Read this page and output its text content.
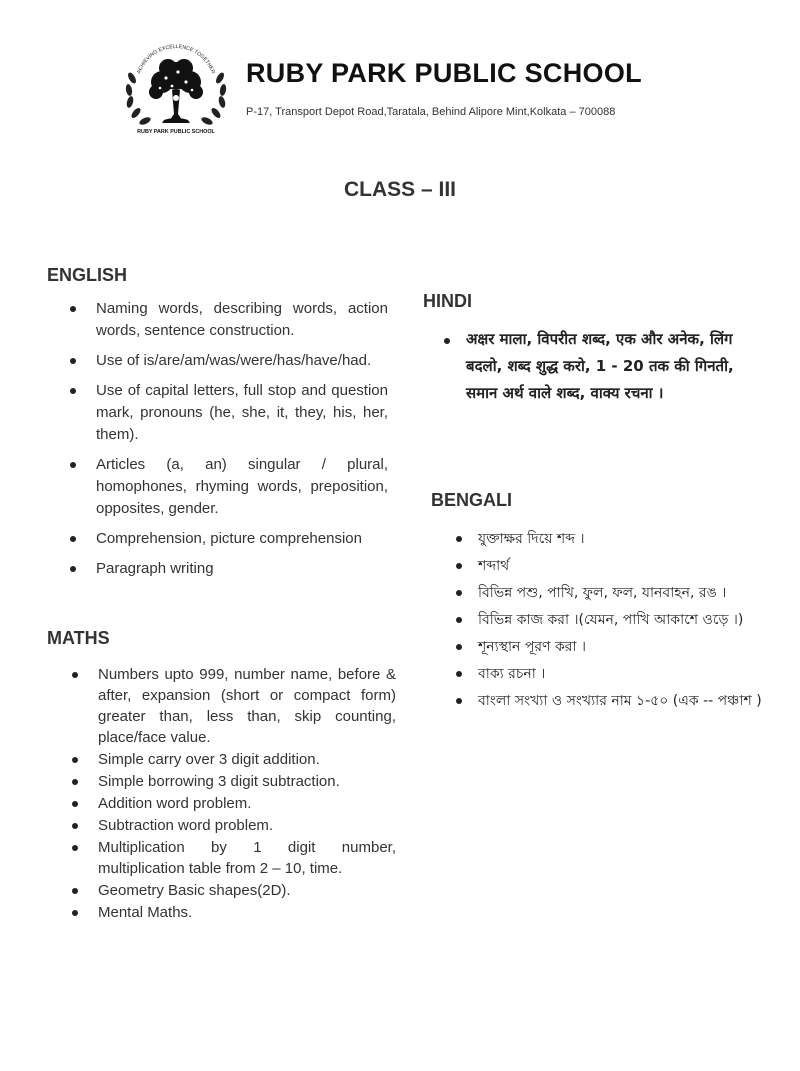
ACHIEVING EXCELLENCE TOGETHER
RUBY PARK PUBLIC SCHOOL
RUBY PARK PUBLIC SCHOOL
P-17, Transport Depot Road,Taratala, Behind Alipore Mint,Kolkata – 700088
CLASS – III
ENGLISH
Naming words, describing words, action words, sentence construction.
Use of is/are/am/was/were/has/have/had.
Use of capital letters, full stop and question mark, pronouns (he, she, it, they, his, her, them).
Articles (a, an) singular / plural, homophones, rhyming words, preposition, opposites, gender.
Comprehension, picture comprehension
Paragraph writing
MATHS
Numbers upto 999, number name, before & after, expansion (short or compact form) greater than, less than, skip counting, place/face value.
Simple carry over 3 digit addition.
Simple borrowing 3 digit subtraction.
Addition word problem.
Subtraction word problem.
Multiplication by 1 digit number, multiplication table from 2 – 10, time.
Geometry Basic shapes(2D).
Mental Maths.
HINDI
अक्षर माला, विपरीत शब्द, एक और अनेक, लिंग बदलो, शब्द शुद्ध करो, 1 - 20 तक की गिनती, समान अर्थ वाले शब्द, वाक्य रचना ।
BENGALI
যুক্তাক্ষর দিয়ে শব্দ ।
শব্দার্থ
বিভিন্ন পশু, পাখি, ফুল, ফল, যানবাহন, রঙ ।
বিভিন্ন কাজ করা ।(যেমন, পাখি আকাশে ওড়ে ।)
শূন্যস্থান পূরণ করা ।
বাক্য রচনা ।
বাংলা সংখ্যা ও সংখ্যার নাম ১-৫০ (এক -- পঞ্চাশ )
